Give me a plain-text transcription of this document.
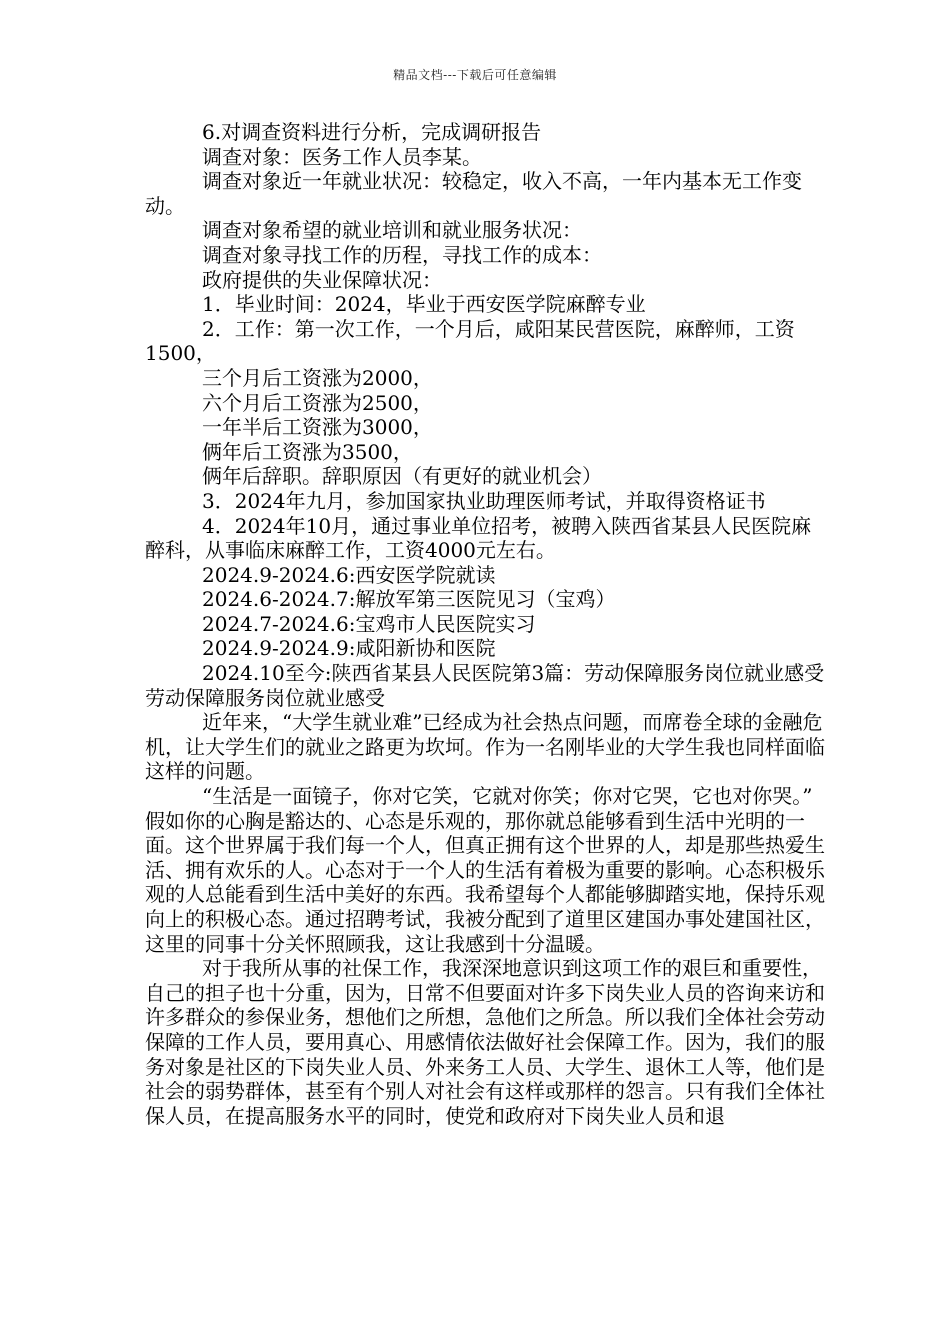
精品文档---下载后可任意编辑

6.对调查资料进行分析，完成调研报告

调查对象：医务工作人员李某。

调查对象近一年就业状况：较稳定，收入不高，一年内基本无工作变动。

调查对象希望的就业培训和就业服务状况：

调查对象寻找工作的历程，寻找工作的成本：

政府提供的失业保障状况：

1．毕业时间：2024，毕业于西安医学院麻醉专业

2．工作：第一次工作，一个月后，咸阳某民营医院，麻醉师，工资1500，

三个月后工资涨为2000，

六个月后工资涨为2500，

一年半后工资涨为3000，

俩年后工资涨为3500，

俩年后辞职。辞职原因（有更好的就业机会）

3．2024年九月，参加国家执业助理医师考试，并取得资格证书

4．2024年10月，通过事业单位招考，被聘入陕西省某县人民医院麻醉科，从事临床麻醉工作，工资4000元左右。

2024.9-2024.6:西安医学院就读

2024.6-2024.7:解放军第三医院见习（宝鸡）

2024.7-2024.6:宝鸡市人民医院实习

2024.9-2024.9:咸阳新协和医院

2024.10至今:陕西省某县人民医院第3篇：劳动保障服务岗位就业感受劳动保障服务岗位就业感受

近年来，“大学生就业难”已经成为社会热点问题，而席卷全球的金融危机，让大学生们的就业之路更为坎坷。作为一名刚毕业的大学生我也同样面临这样的问题。

“生活是一面镜子，你对它笑，它就对你笑；你对它哭，它也对你哭。” 假如你的心胸是豁达的、心态是乐观的，那你就总能够看到生活中光明的一面。这个世界属于我们每一个人，但真正拥有这个世界的人，却是那些热爱生活、拥有欢乐的人。心态对于一个人的生活有着极为重要的影响。心态积极乐观的人总能看到生活中美好的东西。我希望每个人都能够脚踏实地，保持乐观向上的积极心态。通过招聘考试，我被分配到了道里区建国办事处建国社区，这里的同事十分关怀照顾我，这让我感到十分温暖。

对于我所从事的社保工作，我深深地意识到这项工作的艰巨和重要性，自己的担子也十分重，因为，日常不但要面对许多下岗失业人员的咨询来访和许多群众的参保业务，想他们之所想，急他们之所急。所以我们全体社会劳动保障的工作人员，要用真心、用感情依法做好社会保障工作。因为，我们的服务对象是社区的下岗失业人员、外来务工人员、大学生、退休工人等，他们是社会的弱势群体，甚至有个别人对社会有这样或那样的怨言。只有我们全体社保人员，在提高服务水平的同时，使党和政府对下岗失业人员和退
